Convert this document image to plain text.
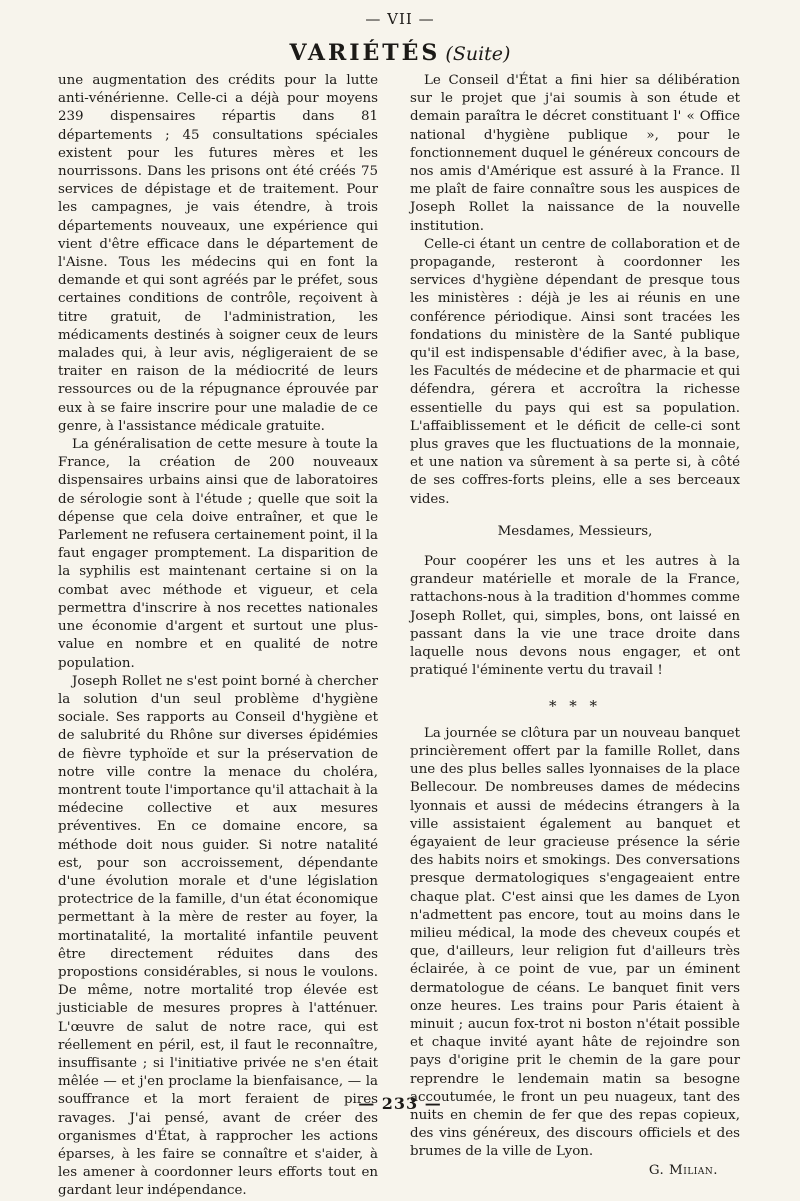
— VII —
VARIÉTÉS (Suite)

une augmentation des crédits pour la lutte anti-vénérienne. Celle-ci a déjà pour moyens 239 dispensaires répartis dans 81 départements ; 45 consultations spéciales existent pour les futures mères et les nourrissons. Dans les prisons ont été créés 75 services de dépistage et de traitement. Pour les campagnes, je vais étendre, à trois départements nouveaux, une expérience qui vient d'être efficace dans le département de l'Aisne. Tous les médecins qui en font la demande et qui sont agréés par le préfet, sous certaines conditions de contrôle, reçoivent à titre gratuit, de l'administration, les médicaments destinés à soigner ceux de leurs malades qui, à leur avis, négligeraient de se traiter en raison de la médiocrité de leurs ressources ou de la répugnance éprouvée par eux à se faire inscrire pour une maladie de ce genre, à l'assistance médicale gratuite.

La généralisation de cette mesure à toute la France, la création de 200 nouveaux dispensaires urbains ainsi que de laboratoires de sérologie sont à l'étude ; quelle que soit la dépense que cela doive entraîner, et que le Parlement ne refusera certainement point, il la faut engager promptement. La disparition de la syphilis est maintenant certaine si on la combat avec méthode et vigueur, et cela permettra d'inscrire à nos recettes nationales une économie d'argent et surtout une plus-value en nombre et en qualité de notre population.

Joseph Rollet ne s'est point borné à chercher la solution d'un seul problème d'hygiène sociale. Ses rapports au Conseil d'hygiène et de salubrité du Rhône sur diverses épidémies de fièvre typhoïde et sur la préservation de notre ville contre la menace du choléra, montrent toute l'importance qu'il attachait à la médecine collective et aux mesures préventives. En ce domaine encore, sa méthode doit nous guider. Si notre natalité est, pour son accroissement, dépendante d'une évolution morale et d'une législation protectrice de la famille, d'un état économique permettant à la mère de rester au foyer, la mortinatalité, la mortalité infantile peuvent être directement réduites dans des propostions considérables, si nous le voulons. De même, notre mortalité trop élevée est justiciable de mesures propres à l'atténuer. L'œuvre de salut de notre race, qui est réellement en péril, est, il faut le reconnaître, insuffisante ; si l'initiative privée ne s'en était mêlée — et j'en proclame la bienfaisance, — la souffrance et la mort feraient de pires ravages. J'ai pensé, avant de créer des organismes d'État, à rapprocher les actions éparses, à les faire se connaître et s'aider, à les amener à coordonner leurs efforts tout en gardant leur indépendance.

Le Conseil d'État a fini hier sa délibération sur le projet que j'ai soumis à son étude et demain paraîtra le décret constituant l' « Office national d'hygiène publique », pour le fonctionnement duquel le généreux concours de nos amis d'Amérique est assuré à la France. Il me plaît de faire connaître sous les auspices de Joseph Rollet la naissance de la nouvelle institution.

Celle-ci étant un centre de collaboration et de propagande, resteront à coordonner les services d'hygiène dépendant de presque tous les ministères : déjà je les ai réunis en une conférence périodique. Ainsi sont tracées les fondations du ministère de la Santé publique qu'il est indispensable d'édifier avec, à la base, les Facultés de médecine et de pharmacie et qui défendra, gérera et accroîtra la richesse essentielle du pays qui est sa population. L'affaiblissement et le déficit de celle-ci sont plus graves que les fluctuations de la monnaie, et une nation va sûrement à sa perte si, à côté de ses coffres-forts pleins, elle a ses berceaux vides.

Mesdames, Messieurs,

Pour coopérer les uns et les autres à la grandeur matérielle et morale de la France, rattachons-nous à la tradition d'hommes comme Joseph Rollet, qui, simples, bons, ont laissé en passant dans la vie une trace droite dans laquelle nous devons nous engager, et ont pratiqué l'éminente vertu du travail !

* * *

La journée se clôtura par un nouveau banquet princièrement offert par la famille Rollet, dans une des plus belles salles lyonnaises de la place Bellecour. De nombreuses dames de médecins lyonnais et aussi de médecins étrangers à la ville assistaient également au banquet et égayaient de leur gracieuse présence la série des habits noirs et smokings. Des conversations presque dermatologiques s'engageaient entre chaque plat. C'est ainsi que les dames de Lyon n'admettent pas encore, tout au moins dans le milieu médical, la mode des cheveux coupés et que, d'ailleurs, leur religion fut d'ailleurs très éclairée, à ce point de vue, par un éminent dermatologue de céans. Le banquet finit vers onze heures. Les trains pour Paris étaient à minuit ; aucun fox-trot ni boston n'était possible et chaque invité ayant hâte de rejoindre son pays d'origine prit le chemin de la gare pour reprendre le lendemain matin sa besogne accoutumée, le front un peu nuageux, tant des nuits en chemin de fer que des repas copieux, des vins généreux, des discours officiels et des brumes de la ville de Lyon.

G. Milian.
— 233 —
